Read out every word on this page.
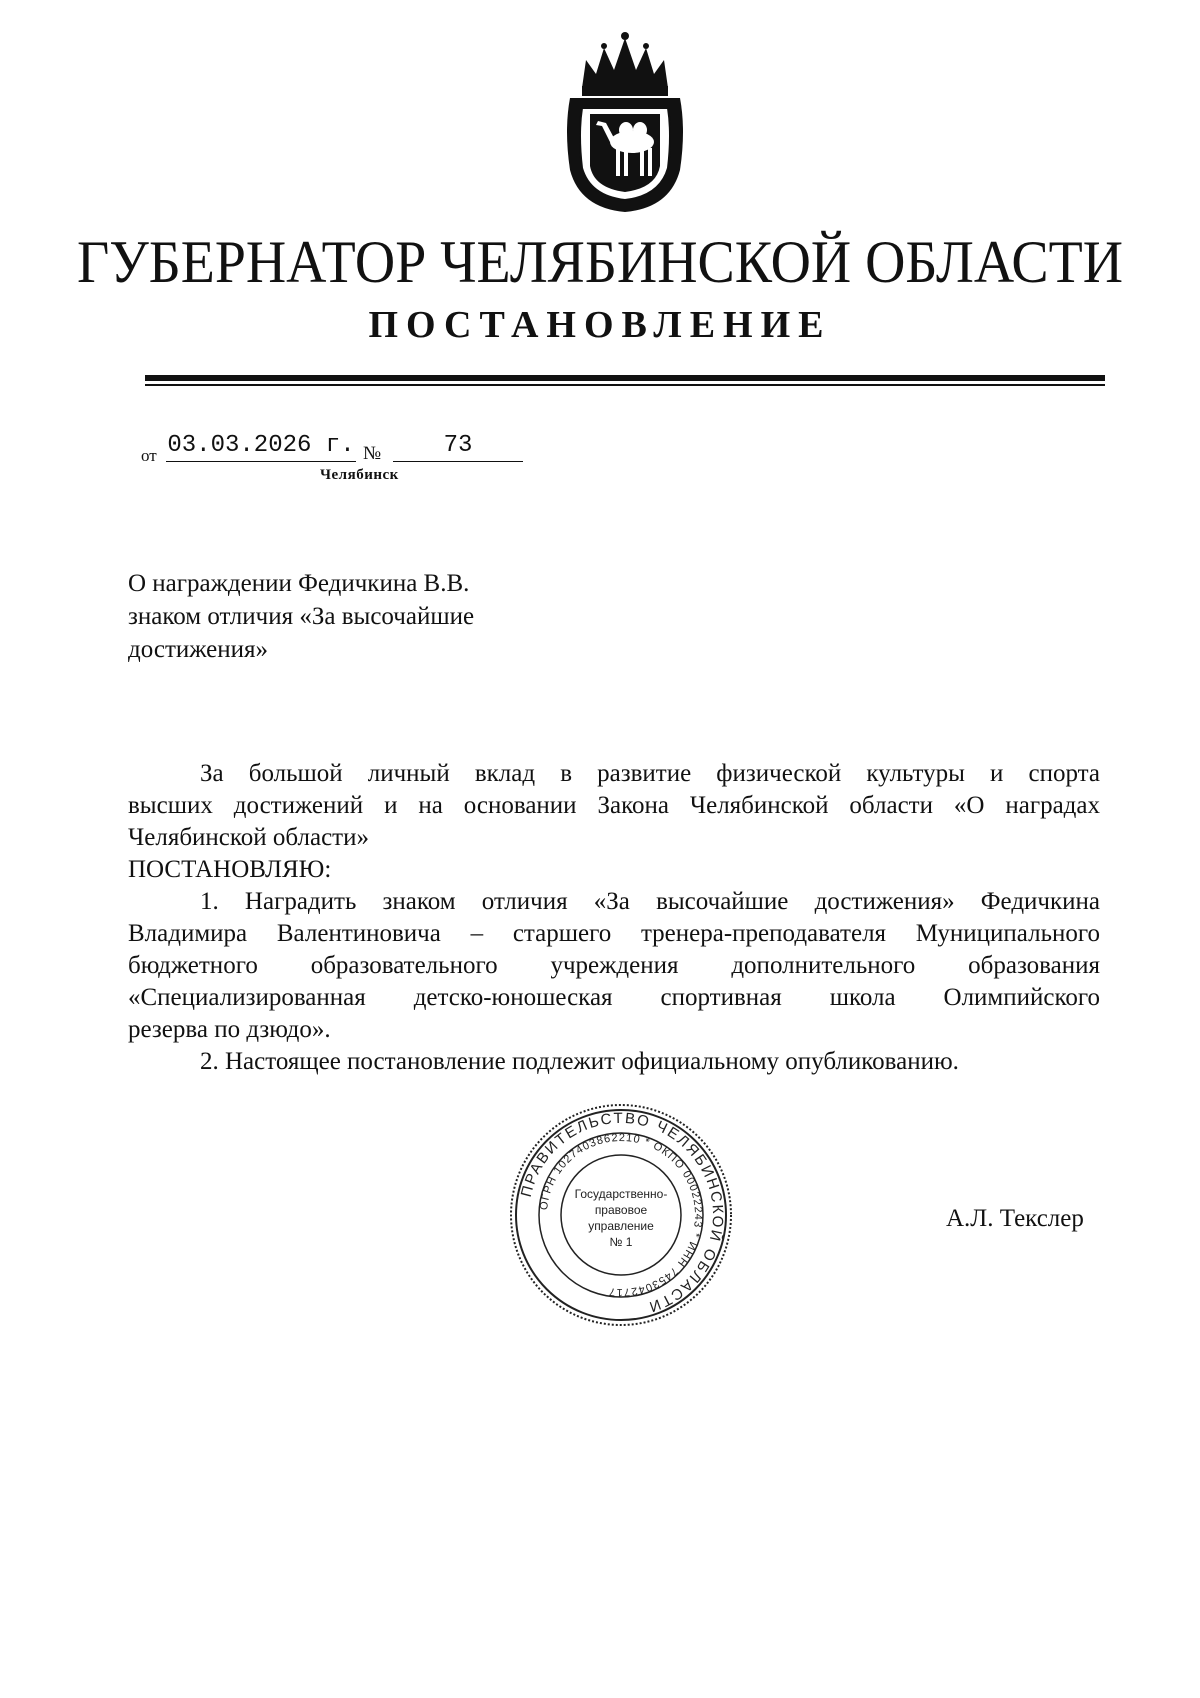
ГУБЕРНАТОР ЧЕЛЯБИНСКОЙ ОБЛАСТИ
ПОСТАНОВЛЕНИЕ
от 03.03.2026 г. №	73
Челябинск
О награждении Федичкина В.В.
знаком отличия «За высочайшие
достижения»
За большой личный вклад в развитие физической культуры и спорта
высших достижений и на основании Закона Челябинской области «О наградах
Челябинской области»
ПОСТАНОВЛЯЮ:
1. Наградить знаком отличия «За высочайшие достижения» Федичкина
Владимира Валентиновича – старшего тренера-преподавателя Муниципального
бюджетного образовательного учреждения дополнительного образования
«Специализированная детско-юношеская спортивная школа Олимпийского
резерва по дзюдо».
2. Настоящее постановление подлежит официальному опубликованию.
ПРАВИТЕЛЬСТВО ЧЕЛЯБИНСКОЙ ОБЛАСТИ
ОГРН 1027403862210 * ОКПО 00022243 * ИНН 7453042717
Государственно-
правовое
управление
№ 1
А.Л. Текслер
